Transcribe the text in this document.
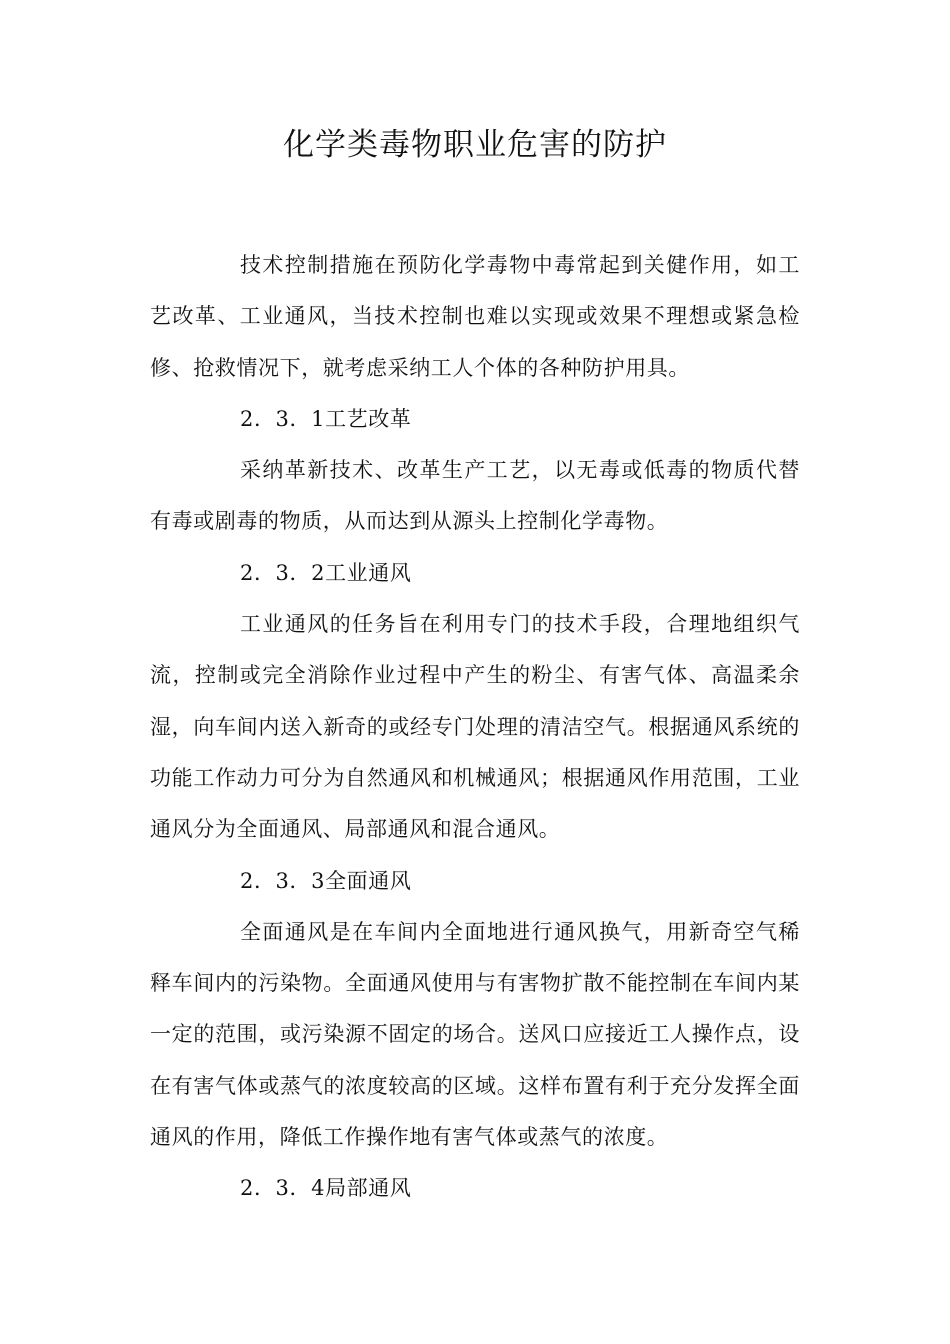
化学类毒物职业危害的防护

技术控制措施在预防化学毒物中毒常起到关健作用，如工艺改革、工业通风，当技术控制也难以实现或效果不理想或紧急检修、抢救情况下，就考虑采纳工人个体的各种防护用具。

2．3．1工艺改革

采纳革新技术、改革生产工艺，以无毒或低毒的物质代替有毒或剧毒的物质，从而达到从源头上控制化学毒物。

2．3．2工业通风

工业通风的任务旨在利用专门的技术手段，合理地组织气流，控制或完全消除作业过程中产生的粉尘、有害气体、高温柔余湿，向车间内送入新奇的或经专门处理的清洁空气。根据通风系统的功能工作动力可分为自然通风和机械通风；根据通风作用范围，工业通风分为全面通风、局部通风和混合通风。

2．3．3全面通风

全面通风是在车间内全面地进行通风换气，用新奇空气稀释车间内的污染物。全面通风使用与有害物扩散不能控制在车间内某一定的范围，或污染源不固定的场合。送风口应接近工人操作点，设在有害气体或蒸气的浓度较高的区域。这样布置有利于充分发挥全面通风的作用，降低工作操作地有害气体或蒸气的浓度。

2．3．4局部通风
